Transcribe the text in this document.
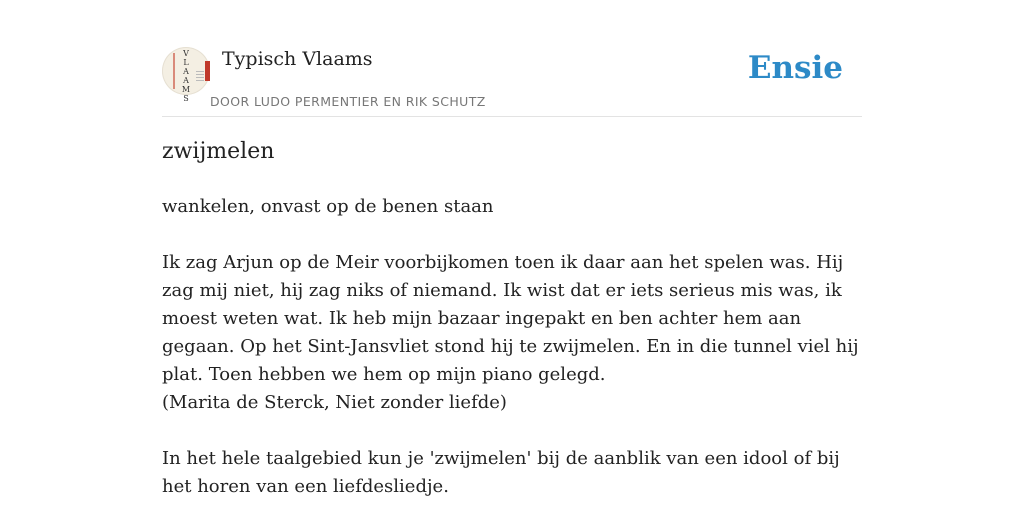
V
L
A
A
M
S
Typisch Vlaams
DOOR LUDO PERMENTIER EN RIK SCHUTZ
Ensie
zwijmelen

wankelen, onvast op de benen staan

Ik zag Arjun op de Meir voorbijkomen toen ik daar aan het spelen was. Hij zag mij niet, hij zag niks of niemand. Ik wist dat er iets serieus mis was, ik moest weten wat. Ik heb mijn bazaar ingepakt en ben achter hem aan gegaan. Op het Sint-Jansvliet stond hij te zwijmelen. En in die tunnel viel hij plat. Toen hebben we hem op mijn piano gelegd.

(Marita de Sterck, Niet zonder liefde)

In het hele taalgebied kun je 'zwijmelen' bij de aanblik van een idool of bij het horen van een liefdesliedje.
